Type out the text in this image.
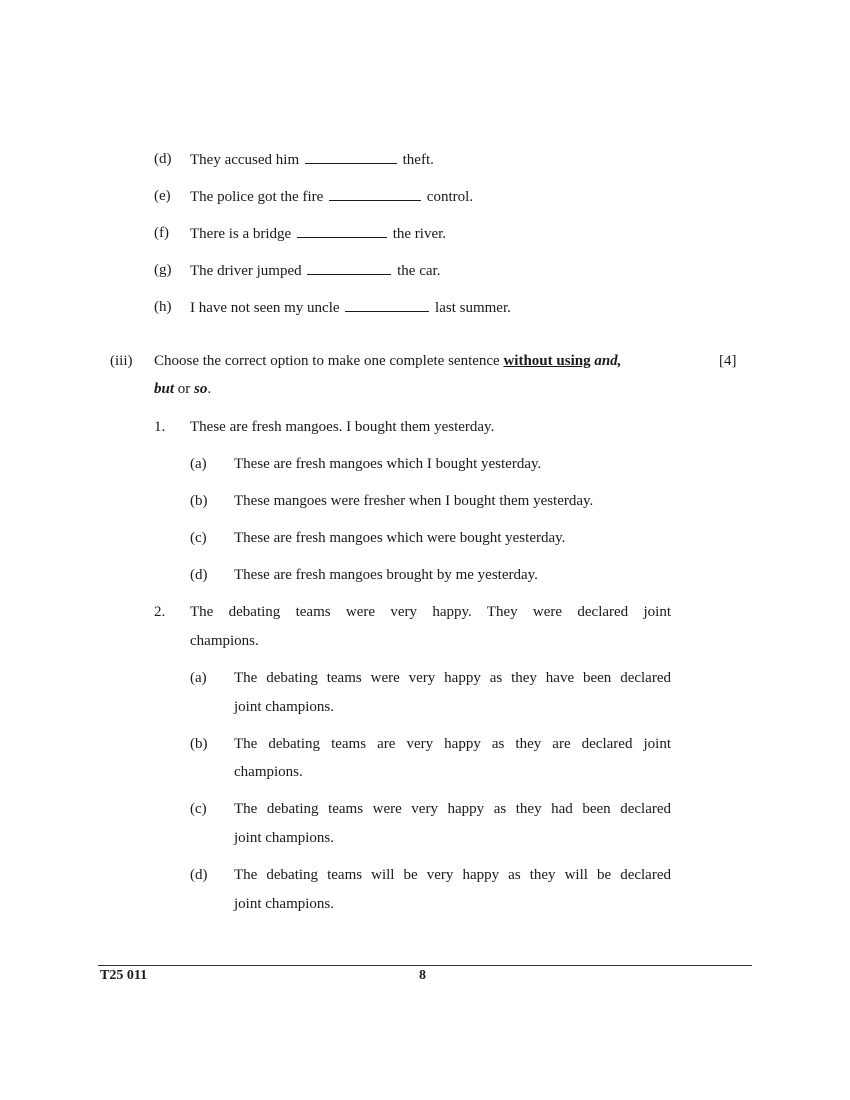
(d) They accused him	theft.
(e) The police got the fire	control.
(f) There is a bridge	the river.
(g) The driver jumped	the car.
(h) I have not seen my uncle	last summer.
(iii) Choose the correct option to make one complete sentence without using and,
but or so.
[4]
1. These are fresh mangoes. I bought them yesterday.
(a) These are fresh mangoes which I bought yesterday.
(b) These mangoes were fresher when I bought them yesterday.
(c) These are fresh mangoes which were bought yesterday.
(d) These are fresh mangoes brought by me yesterday.
2. The debating teams were very happy. They were declared joint
champions.
(a) The debating teams were very happy as they have been declared
joint champions.
(b) The debating teams are very happy as they are declared joint
champions.
(c) The debating teams were very happy as they had been declared
joint champions.
(d) The debating teams will be very happy as they will be declared
joint champions.
T25 011	8
